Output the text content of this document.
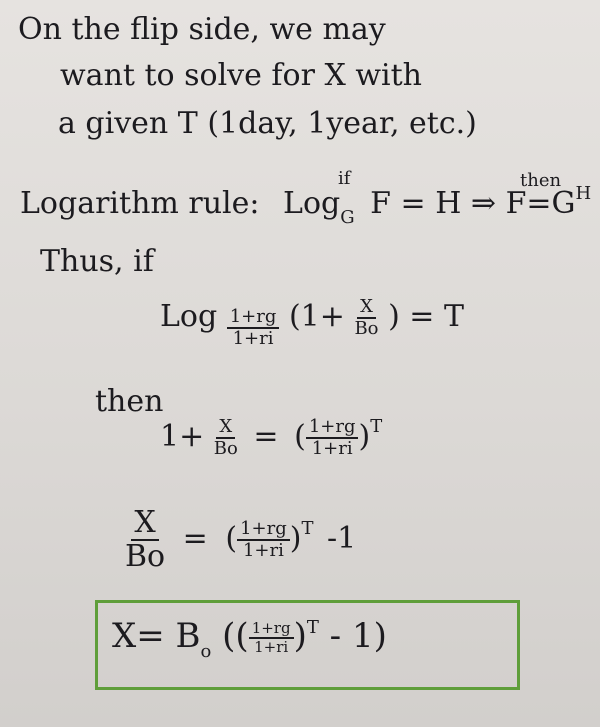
On the flip side, we may
want to solve for X with
a given T (1day, 1year, etc.)
Logarithm rule: Log$_G$ F = H ⇒ $F=G^H$
if	then
Thus, if
Log $\frac{1+rg}{1+ri} (1+ \frac{X}{Bo}$ ) = T
then
$1+ \frac{X}{Bo}$ = ( $\frac{1+rg}{1+ri} )^T$
$\frac{X}{Bo}$ = ( $\frac{1+rg}{1+ri} )^T$ -1
$X= B_o$ (( $\frac{1+rg}{1+ri} )^T - 1$)
